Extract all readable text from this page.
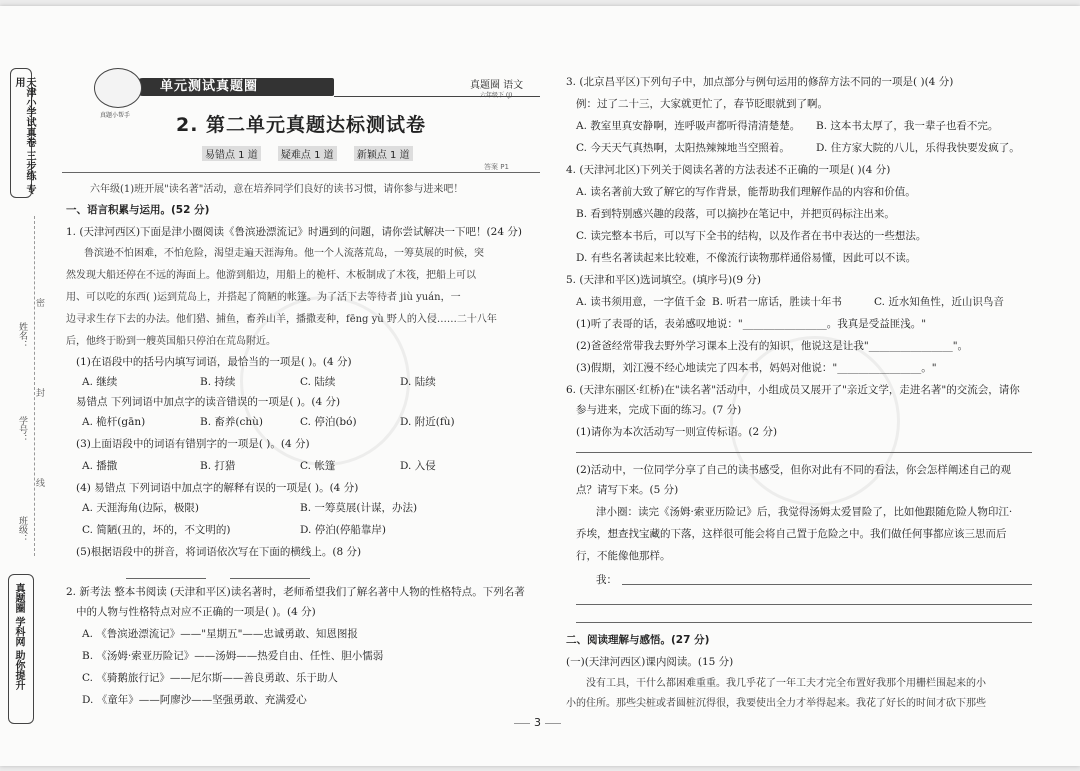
天津小学试真卷 三步练 专用
姓名：
学号：
班级：
密
封
线
真题圈 学科网 助你提升
单元测试真题圈
真题小帮手
真题圈 语文
六年级下 (J)
2. 第二单元真题达标测试卷
易错点 1 道 疑难点 1 道 新颖点 1 道
答案 P1
六年级(1)班开展"读名著"活动，意在培养同学们良好的读书习惯，请你参与进来吧！
一、语言积累与运用。(52 分)
1. (天津河西区)下面是津小圈阅读《鲁滨逊漂流记》时遇到的问题，请你尝试解决一下吧！(24 分)
鲁滨逊不怕困难，不怕危险，渴望走遍天涯海角。他一个人流落荒岛，一筹莫展的时候，突
然发现大船还停在不远的海面上。他游到船边，用船上的桅杆、木板制成了木筏，把船上可以
用、可以吃的东西( )运到荒岛上，并搭起了简陋的帐篷。为了活下去等待者 jiù yuán，一
边寻求生存下去的办法。他们猎、捕鱼，畜养山羊，播撒麦种，fēng yù 野人的入侵……二十八年
后，他终于盼到一艘英国船只停泊在荒岛附近。
(1)在语段中的括号内填写词语，最恰当的一项是( )。(4 分)
A. 继续	B. 持续	C. 陆续	D. 陆续
易错点 下列词语中加点字的读音错误的一项是( )。(4 分)
A. 桅杆(gān)	B. 畜养(chù)	C. 停泊(bó)	D. 附近(fù)
(3)上面语段中的词语有错别字的一项是( )。(4 分)
A. 播撒	B. 打猎	C. 帐篷	D. 入侵
(4) 易错点 下列词语中加点字的解释有误的一项是( )。(4 分)
A. 天涯海角(边际，极限)	B. 一筹莫展(计谋，办法)
C. 简陋(丑的，坏的，不文明的)	D. 停泊(停船靠岸)
(5)根据语段中的拼音，将词语依次写在下面的横线上。(8 分)
2. 新考法 整本书阅读 (天津和平区)读名著时，老师希望我们了解名著中人物的性格特点。下列名著
中的人物与性格特点对应不正确的一项是( )。(4 分)
A. 《鲁滨逊漂流记》——"星期五"——忠诚勇敢、知恩图报
B. 《汤姆·索亚历险记》——汤姆——热爱自由、任性、胆小懦弱
C. 《骑鹅旅行记》——尼尔斯——善良勇敢、乐于助人
D. 《童年》——阿廖沙——坚强勇敢、充满爱心
3. (北京昌平区)下列句子中，加点部分与例句运用的修辞方法不同的一项是( )(4 分)
例：过了二十三，大家就更忙了，春节眨眼就到了啊。
A. 教室里真安静啊，连呼吸声都听得清清楚楚。 B. 这本书太厚了，我一辈子也看不完。
C. 今天天气真热啊，太阳热辣辣地当空照着。 D. 住方家大院的八儿，乐得我快要发疯了。
4. (天津河北区)下列关于阅读名著的方法表述不正确的一项是( )(4 分)
A. 读名著前大致了解它的写作背景，能帮助我们理解作品的内容和价值。
B. 看到特别感兴趣的段落，可以摘抄在笔记中，并把页码标注出来。
C. 读完整本书后，可以写下全书的结构，以及作者在书中表达的一些想法。
D. 有些名著读起来比较难，不像流行读物那样通俗易懂，因此可以不读。
5. (天津和平区)选词填空。(填序号)(9 分)
A. 读书须用意，一字值千金 B. 听君一席话，胜读十年书	C. 近水知鱼性，近山识鸟音
(1)听了表哥的话，表弟感叹地说："________________。我真是受益匪浅。"
(2)爸爸经常带我去野外学习课本上没有的知识，他说这是让我"________________"。
(3)假期，刘江漫不经心地读完了四本书，妈妈对他说："________________。"
6. (天津东丽区·红桥)在"读名著"活动中，小组成员又展开了"亲近文学，走进名著"的交流会，请你
参与进来，完成下面的练习。(7 分)
(1)请你为本次活动写一则宣传标语。(2 分)
(2)活动中，一位同学分享了自己的读书感受，但你对此有不同的看法，你会怎样阐述自己的观
点？请写下来。(5 分)
津小圈：读完《汤姆·索亚历险记》后，我觉得汤姆太爱冒险了，比如他跟随危险人物印江·
乔埃，想查找宝藏的下落，这样很可能会将自己置于危险之中。我们做任何事都应该三思而后
行，不能像他那样。
我：
二、阅读理解与感悟。(27 分)
(一)(天津河西区)课内阅读。(15 分)
没有工具，干什么都困难重重。我几乎花了一年工夫才完全布置好我那个用栅栏围起来的小
小的住所。那些尖桩或者圆桩沉得很，我要使出全力才举得起来。我花了好长的时间才砍下那些
3
